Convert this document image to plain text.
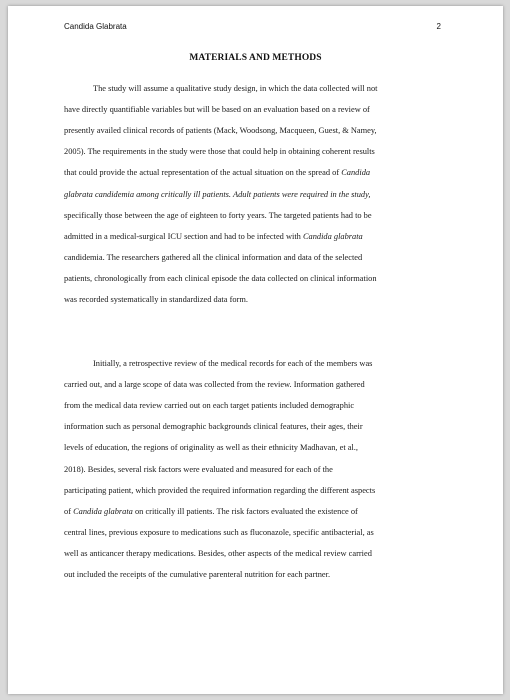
Candida Glabrata	2
MATERIALS AND METHODS
The study will assume a qualitative study design, in which the data collected will not
have directly quantifiable variables but will be based on an evaluation based on a review of
presently availed clinical records of patients (Mack, Woodsong, Macqueen, Guest, & Namey,
2005). The requirements in the study were those that could help in obtaining coherent results
that could provide the actual representation of the actual situation on the spread of Candida
glabrata candidemia among critically ill patients. Adult patients were required in the study,
specifically those between the age of eighteen to forty years. The targeted patients had to be
admitted in a medical-surgical ICU section and had to be infected with Candida glabrata
candidemia. The researchers gathered all the clinical information and data of the selected
patients, chronologically from each clinical episode the data collected on clinical information
was recorded systematically in standardized data form.
Initially, a retrospective review of the medical records for each of the members was
carried out, and a large scope of data was collected from the review. Information gathered
from the medical data review carried out on each target patients included demographic
information such as personal demographic backgrounds clinical features, their ages, their
levels of education, the regions of originality as well as their ethnicity Madhavan, et al.,
2018). Besides, several risk factors were evaluated and measured for each of the
participating patient, which provided the required information regarding the different aspects
of Candida glabrata on critically ill patients. The risk factors evaluated the existence of
central lines, previous exposure to medications such as fluconazole, specific antibacterial, as
well as anticancer therapy medications. Besides, other aspects of the medical review carried
out included the receipts of the cumulative parenteral nutrition for each partner.
